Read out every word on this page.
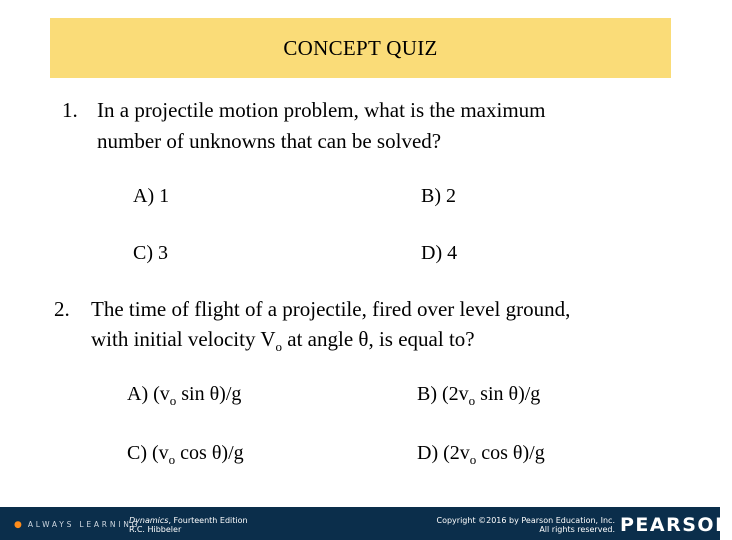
CONCEPT QUIZ
1. In a projectile motion problem, what is the maximum
number of unknowns that can be solved?
A) 1	B) 2
C) 3	D) 4
2. The time of flight of a projectile, fired over level ground,
with initial velocity $V_o$ at angle θ, is equal to?
A) ($v_o$ sin θ)/g	B) ($2v_o$ sin θ)/g
C) ($v_o$ cos θ)/g	D) ($2v_o$ cos θ)/g
● ALWAYS LEARNING
Dynamics, Fourteenth Edition
R.C. Hibbeler
Copyright ©2016 by Pearson Education, Inc.
All rights reserved. PEARSON
